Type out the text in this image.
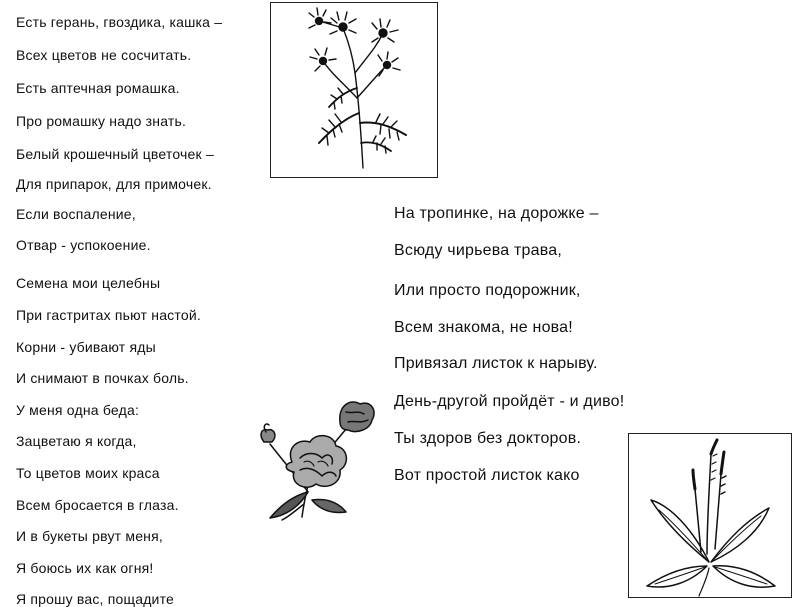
Есть герань, гвоздика, кашка –
Всех цветов не сосчитать.
Есть аптечная ромашка.
Про ромашку надо знать.
Белый крошечный цветочек –
Для припарок, для примочек.
Если воспаление,
Отвар - успокоение.
Семена мои целебны
При гастритах пьют настой.
Корни - убивают яды
И снимают в почках боль.
У меня одна беда:
Зацветаю я когда,
То цветов моих краса
Всем бросается в глаза.
И в букеты рвут меня,
Я боюсь их как огня!
Я прошу вас, пощадите
На тропинке, на дорожке –
Всюду чирьева трава,
Или просто подорожник,
Всем знакома, не нова!
Привязал листок к нарыву.
День-другой пройдёт - и диво!
Ты здоров без докторов.
Вот простой листок како
